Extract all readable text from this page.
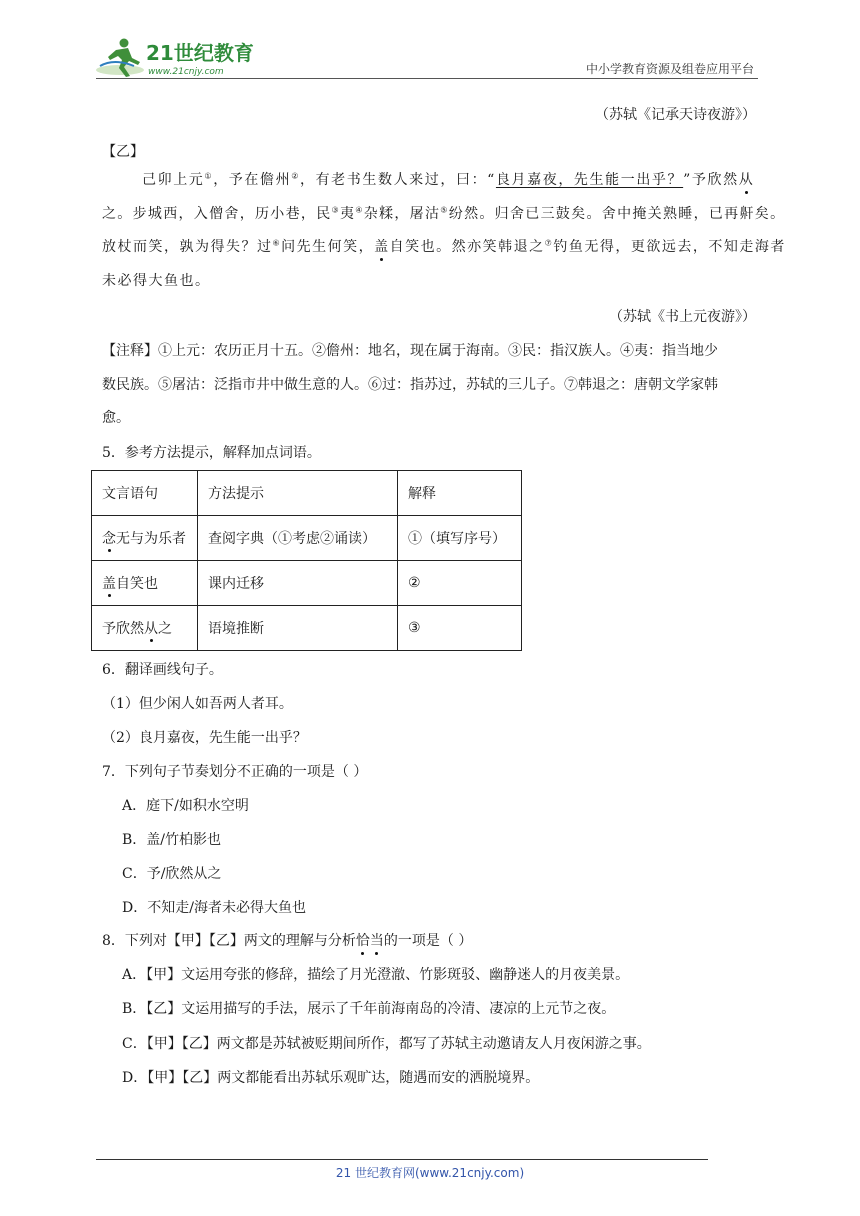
21世纪教育
www.21cnjy.com	中小学教育资源及组卷应用平台
（苏轼《记承天诗夜游》）
【乙】
己卯上元①，予在儋州②，有老书生数人来过，曰：“良月嘉夜，先生能一出乎？”予欣然从
之。步城西，入僧舍，历小巷，民③夷④杂糅，屠沽⑤纷然。归舍已三鼓矣。舍中掩关熟睡，已再鼾矣。
放杖而笑，孰为得失？过⑥问先生何笑，盖自笑也。然亦笑韩退之⑦钓鱼无得，更欲远去，不知走海者
未必得大鱼也。
（苏轼《书上元夜游》）
【注释】①上元：农历正月十五。②儋州：地名，现在属于海南。③民：指汉族人。④夷：指当地少
数民族。⑤屠沽：泛指市井中做生意的人。⑥过：指苏过，苏轼的三儿子。⑦韩退之：唐朝文学家韩
愈。
5．参考方法提示，解释加点词语。
文言语句	方法提示	解释
念无与为乐者	查阅字典（①考虑②诵读）	①（填写序号）
盖自笑也	课内迁移	②
予欣然从之	语境推断	③
6．翻译画线句子。
（1）但少闲人如吾两人者耳。
（2）良月嘉夜，先生能一出乎？
7．下列句子节奏划分不正确的一项是（ ）
A．庭下/如积水空明
B．盖/竹柏影也
C．予/欣然从之
D．不知走/海者未必得大鱼也
8．下列对【甲】【乙】两文的理解与分析恰当的一项是（ ）
A．【甲】文运用夸张的修辞，描绘了月光澄澈、竹影斑驳、幽静迷人的月夜美景。
B．【乙】文运用描写的手法，展示了千年前海南岛的冷清、凄凉的上元节之夜。
C．【甲】【乙】两文都是苏轼被贬期间所作，都写了苏轼主动邀请友人月夜闲游之事。
D．【甲】【乙】两文都能看出苏轼乐观旷达，随遇而安的洒脱境界。
21 世纪教育网(www.21cnjy.com)
